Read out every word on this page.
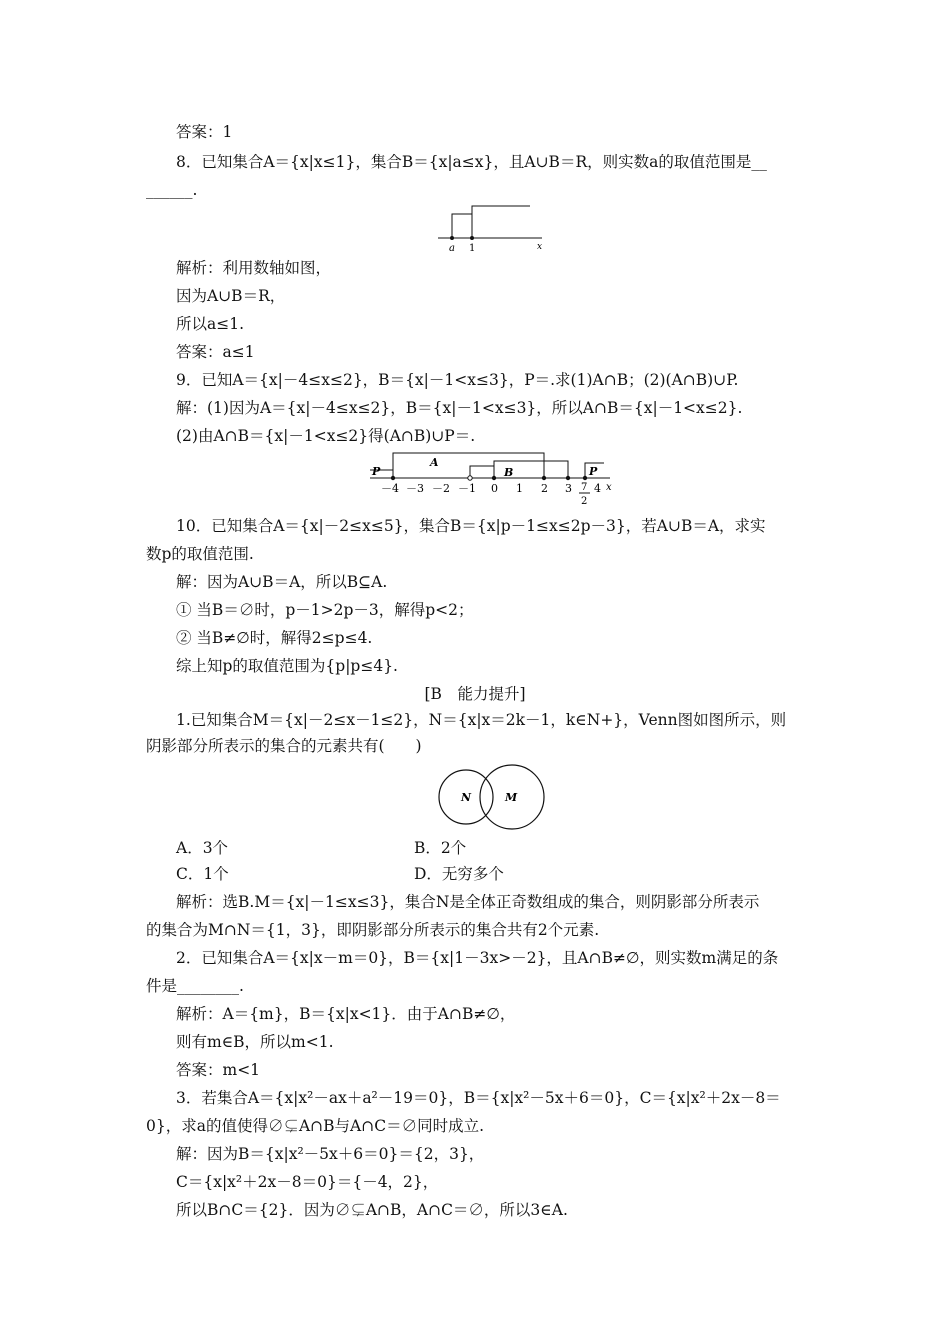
答案：1
8．已知集合A＝{x|x≤1}，集合B＝{x|a≤x}，且A∪B＝R，则实数a的取值范围是__
______.
a 1	x
解析：利用数轴如图，
因为A∪B＝R，
所以a≤1.
答案：a≤1
9．已知A＝{x|－4≤x≤2}，B＝{x|－1<x≤3}，P＝.求(1)A∩B；(2)(A∩B)∪P.
解：(1)因为A＝{x|－4≤x≤2}，B＝{x|－1<x≤3}，所以A∩B＝{x|－1<x≤2}.
(2)由A∩B＝{x|－1<x≤2}得(A∩B)∪P＝.
P
A
B	P
－4 －3 －2 －1 0 1 2 3 7
2
4 x
10．已知集合A＝{x|－2≤x≤5}，集合B＝{x|p－1≤x≤2p－3}，若A∪B＝A，求实
数p的取值范围.
解：因为A∪B＝A，所以B⊆A.
① 当B＝∅时，p－1>2p－3，解得p<2；
② 当B≠∅时，解得2≤p≤4.
综上知p的取值范围为{p|p≤4}.
[B　能力提升]
1.已知集合M＝{x|－2≤x－1≤2}，N＝{x|x＝2k－1，k∈N+}，Venn图如图所示，则
阴影部分所表示的集合的元素共有(　　)
N	M
A．3个	B．2个
C．1个	D．无穷多个
解析：选B.M＝{x|－1≤x≤3}，集合N是全体正奇数组成的集合，则阴影部分所表示
的集合为M∩N＝{1，3}，即阴影部分所表示的集合共有2个元素.
2．已知集合A＝{x|x－m＝0}，B＝{x|1－3x>－2}，且A∩B≠∅，则实数m满足的条
件是________.
解析：A＝{m}，B＝{x|x<1}．由于A∩B≠∅，
则有m∈B，所以m<1.
答案：m<1
3．若集合A＝{x|x²－ax＋a²－19＝0}，B＝{x|x²－5x＋6＝0}，C＝{x|x²＋2x－8＝
0}，求a的值使得∅⊊A∩B与A∩C＝∅同时成立.
解：因为B＝{x|x²－5x＋6＝0}＝{2，3}，
C＝{x|x²＋2x－8＝0}＝{－4，2}，
所以B∩C＝{2}．因为∅⊊A∩B，A∩C＝∅，所以3∈A.
